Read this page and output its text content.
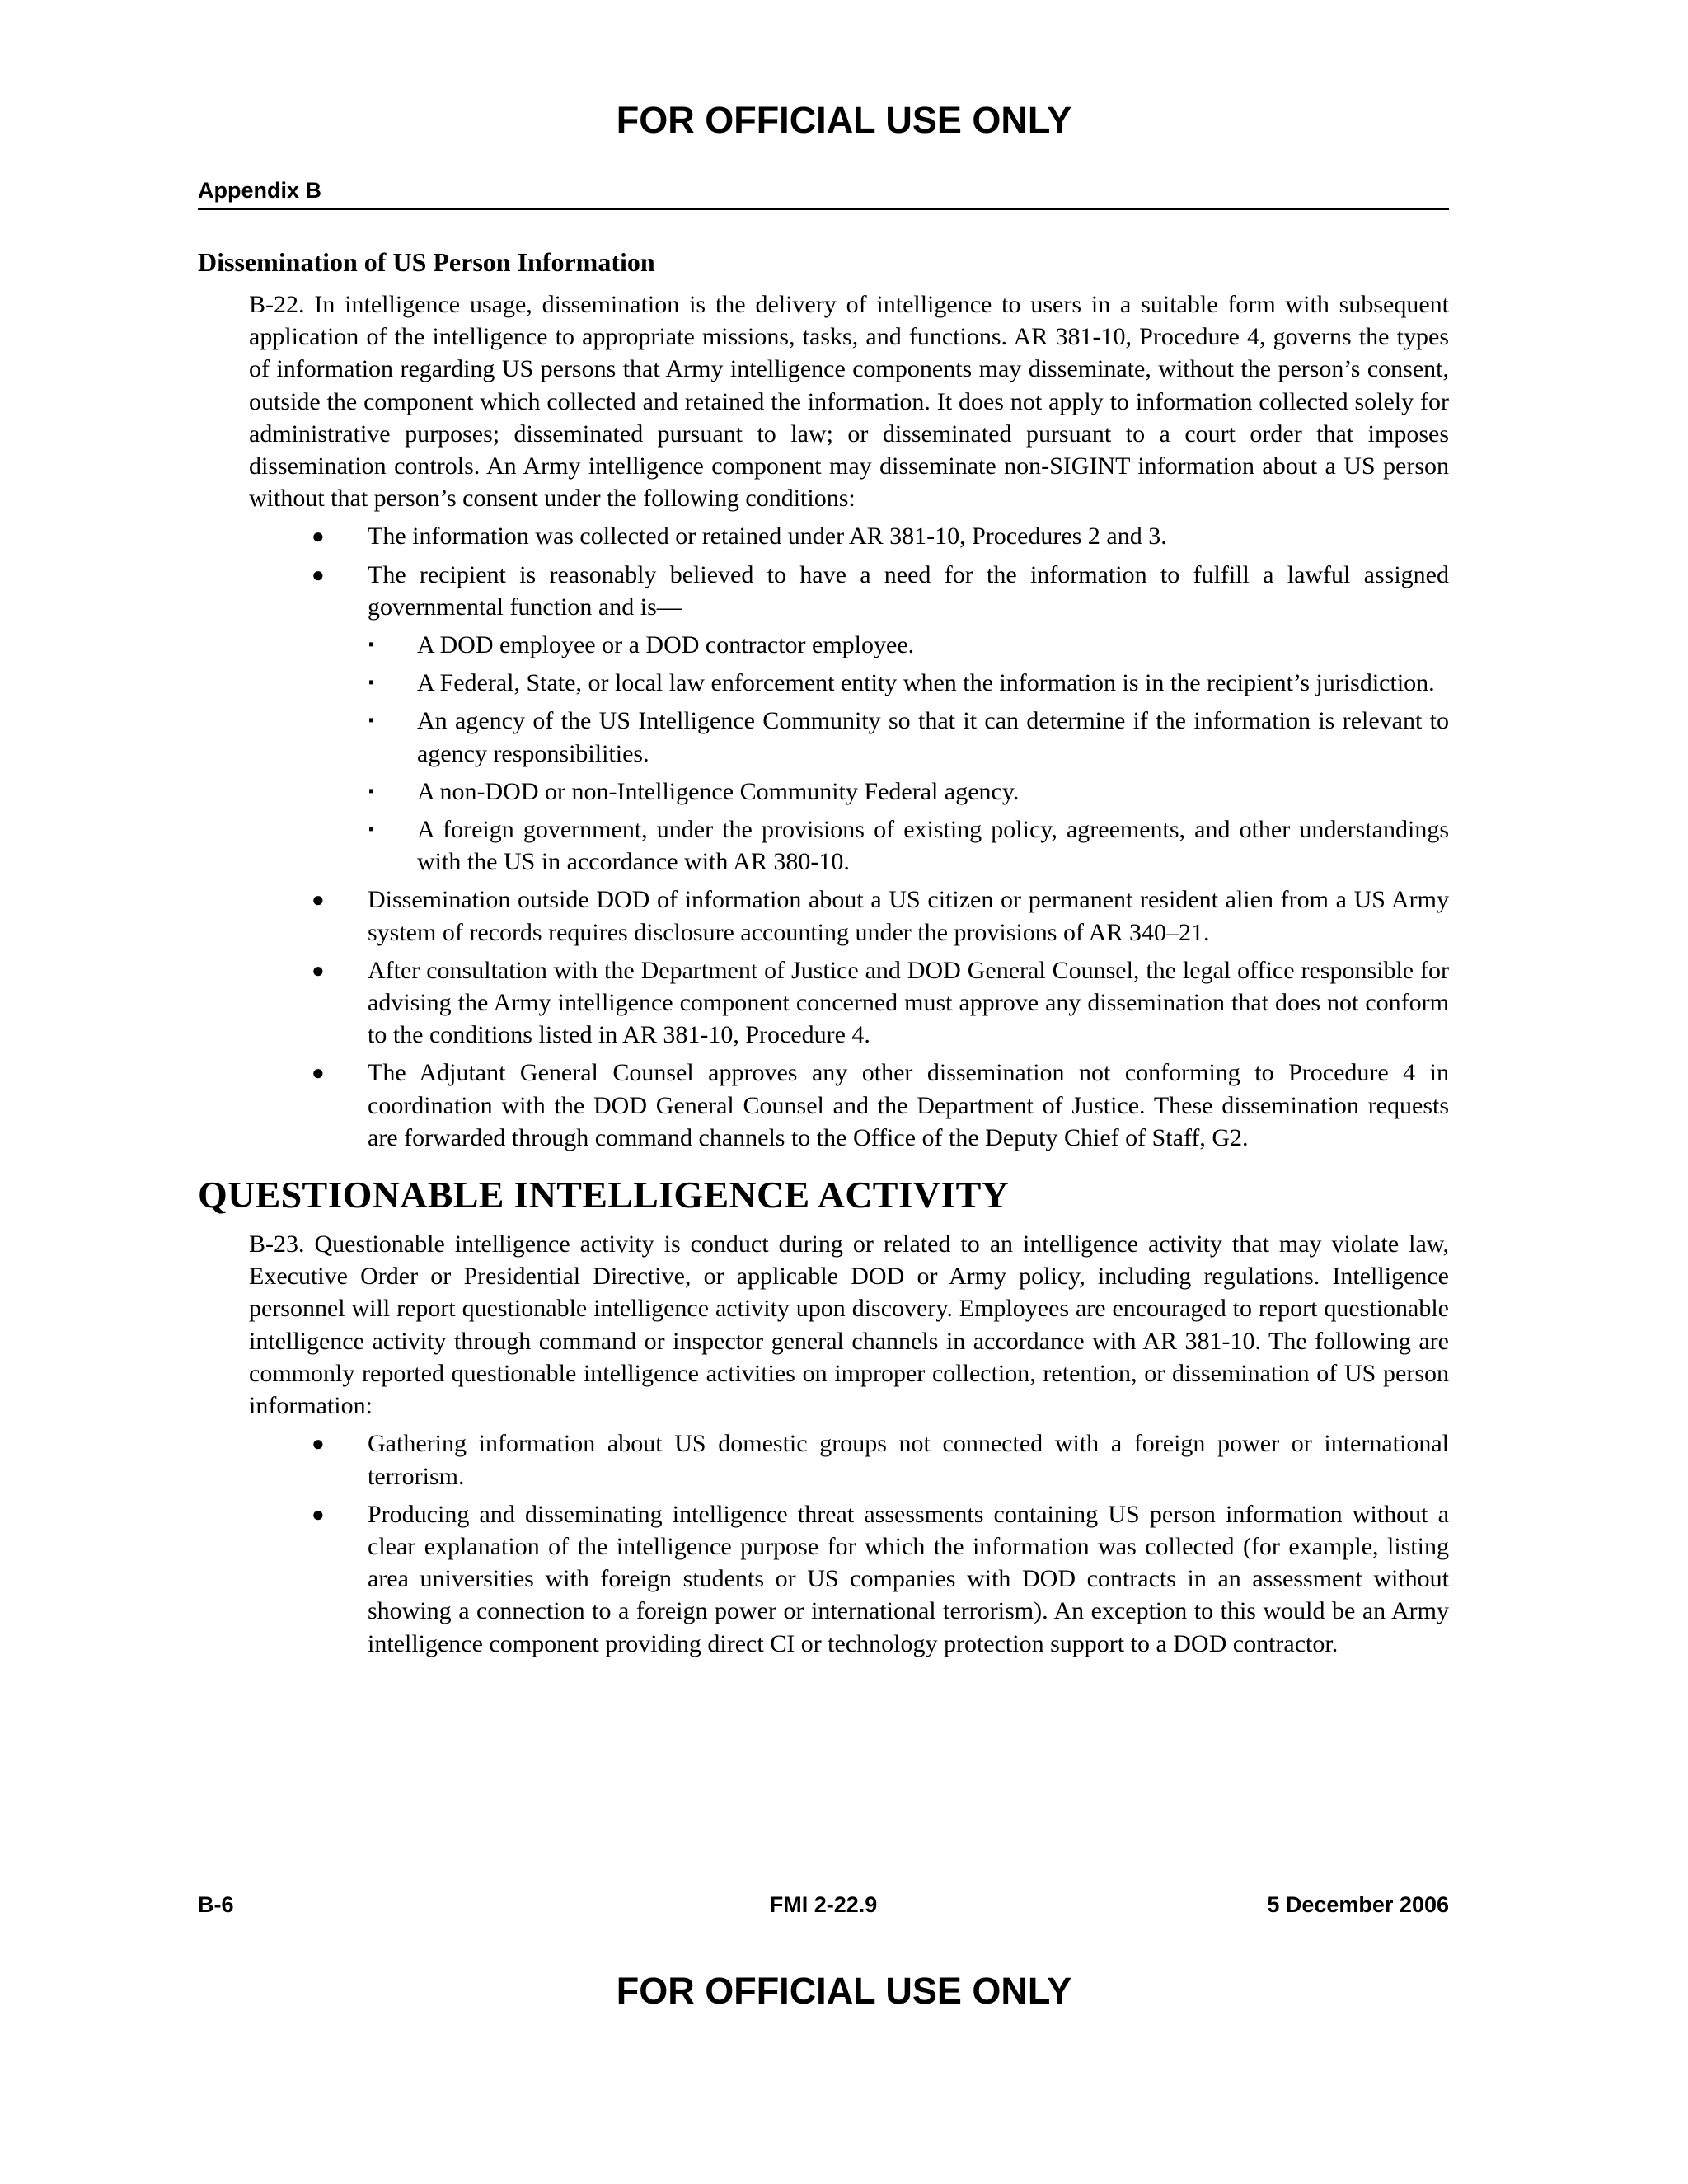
FOR OFFICIAL USE ONLY
Appendix B
Dissemination of US Person Information

B-22. In intelligence usage, dissemination is the delivery of intelligence to users in a suitable form with subsequent application of the intelligence to appropriate missions, tasks, and functions. AR 381-10, Procedure 4, governs the types of information regarding US persons that Army intelligence components may disseminate, without the person’s consent, outside the component which collected and retained the information. It does not apply to information collected solely for administrative purposes; disseminated pursuant to law; or disseminated pursuant to a court order that imposes dissemination controls. An Army intelligence component may disseminate non-SIGINT information about a US person without that person’s consent under the following conditions:

● The information was collected or retained under AR 381-10, Procedures 2 and 3.
● The recipient is reasonably believed to have a need for the information to fulfill a lawful assigned governmental function and is—
▪ A DOD employee or a DOD contractor employee.
▪ A Federal, State, or local law enforcement entity when the information is in the recipient’s jurisdiction.
▪ An agency of the US Intelligence Community so that it can determine if the information is relevant to agency responsibilities.
▪ A non-DOD or non-Intelligence Community Federal agency.
▪ A foreign government, under the provisions of existing policy, agreements, and other understandings with the US in accordance with AR 380-10.
● Dissemination outside DOD of information about a US citizen or permanent resident alien from a US Army system of records requires disclosure accounting under the provisions of AR 340–21.
● After consultation with the Department of Justice and DOD General Counsel, the legal office responsible for advising the Army intelligence component concerned must approve any dissemination that does not conform to the conditions listed in AR 381-10, Procedure 4.
● The Adjutant General Counsel approves any other dissemination not conforming to Procedure 4 in coordination with the DOD General Counsel and the Department of Justice. These dissemination requests are forwarded through command channels to the Office of the Deputy Chief of Staff, G2.
QUESTIONABLE INTELLIGENCE ACTIVITY

B-23. Questionable intelligence activity is conduct during or related to an intelligence activity that may violate law, Executive Order or Presidential Directive, or applicable DOD or Army policy, including regulations. Intelligence personnel will report questionable intelligence activity upon discovery. Employees are encouraged to report questionable intelligence activity through command or inspector general channels in accordance with AR 381-10. The following are commonly reported questionable intelligence activities on improper collection, retention, or dissemination of US person information:

● Gathering information about US domestic groups not connected with a foreign power or international terrorism.
● Producing and disseminating intelligence threat assessments containing US person information without a clear explanation of the intelligence purpose for which the information was collected (for example, listing area universities with foreign students or US companies with DOD contracts in an assessment without showing a connection to a foreign power or international terrorism). An exception to this would be an Army intelligence component providing direct CI or technology protection support to a DOD contractor.
B-6	FMI 2-22.9	5 December 2006
FOR OFFICIAL USE ONLY
